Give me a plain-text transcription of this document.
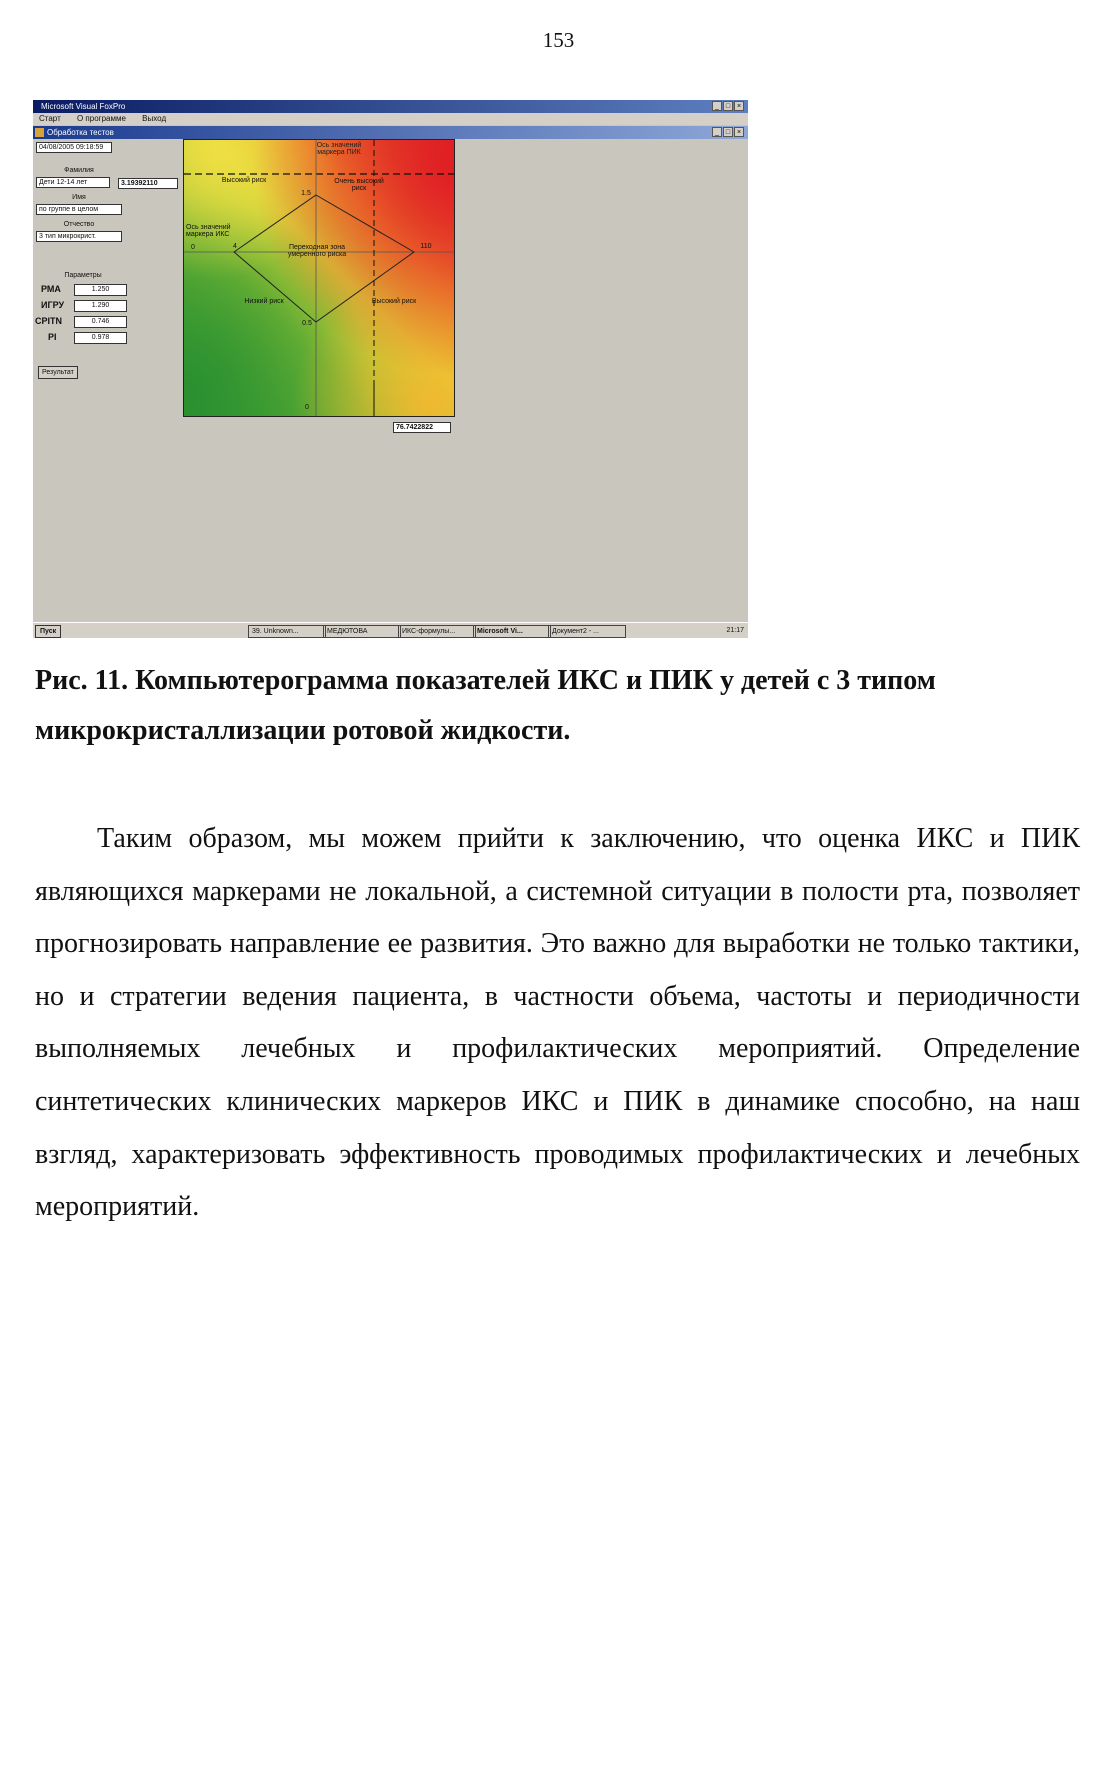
153
Microsoft Visual FoxPro	_ □ ×
Старт О программе Выход
Обработка тестов	_ □ ×
04/08/2005 09:18:59
Фамилия
Дети 12-14 лет	3.19392110
Имя
по группе в целом
Отчество
3 тип микрокрист.
Параметры
РМА	1.250
ИГРУ	1.290
CPITN	0.746
PI	0.978
Результат
Ось значений маркера ПИК
Высокий риск	Очень высокий риск
1.5
Ось значений маркера ИКС
0	4	Переходная зона умеренного риска
110
Низкий риск	Высокий риск
0.5
0
76.7422822
Пуск	39. Unknown...	МЕДЮТОВА	ИКС-формулы...	Microsoft Vi...	Документ2 - ...	21:17
Рис. 11. Компьютерограмма показателей ИКС и ПИК у детей с 3 типом микрокристаллизации ротовой жидкости.
Таким образом, мы можем прийти к заключению, что оценка ИКС и ПИК являющихся маркерами не локальной, а системной ситуации в полости рта, позволяет прогнозировать направление ее развития. Это важно для выработки не только тактики, но и стратегии ведения пациента, в частности объема, частоты и периодичности выполняемых лечебных и профилактических мероприятий. Определение синтетических клинических маркеров ИКС и ПИК в динамике способно, на наш взгляд, характеризовать эффективность проводимых профилактических и лечебных мероприятий.
